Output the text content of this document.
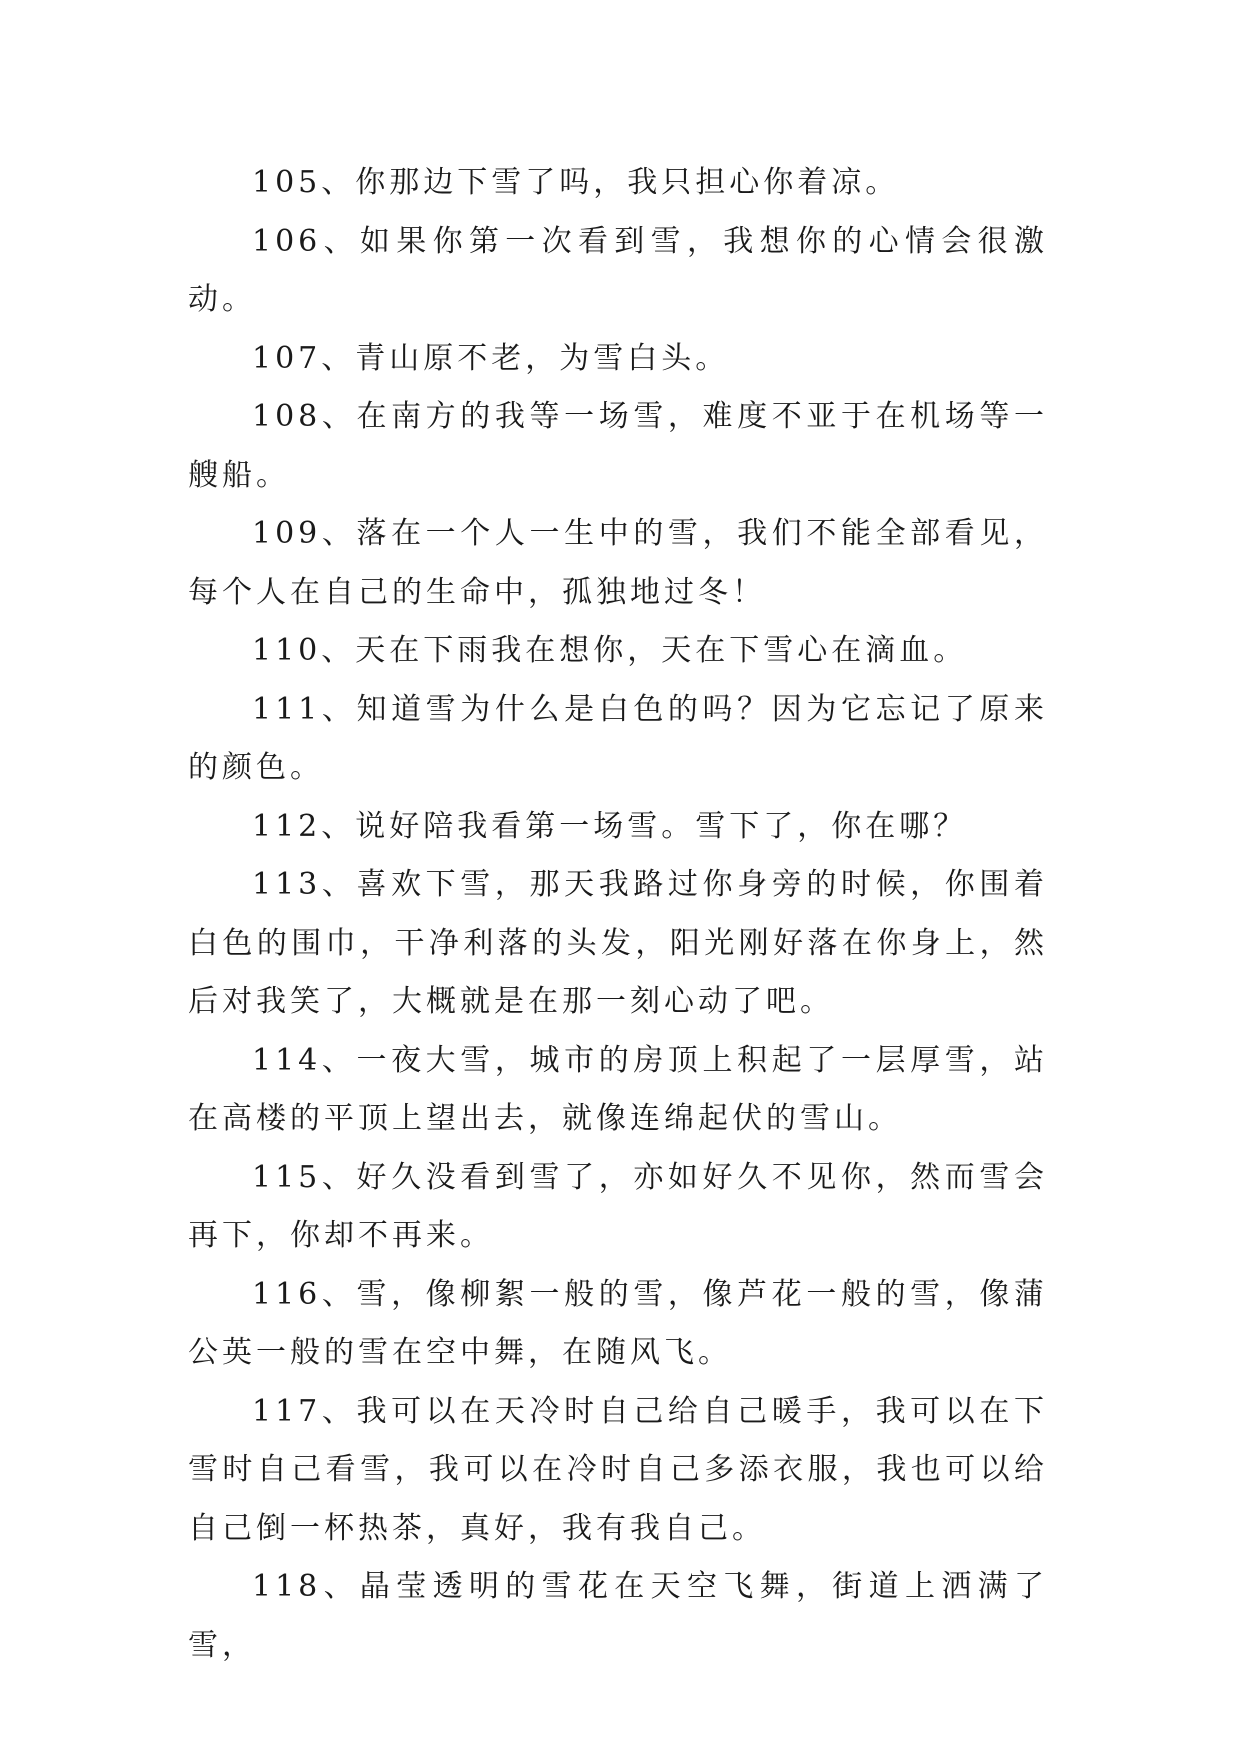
105、你那边下雪了吗，我只担心你着凉。

106、如果你第一次看到雪，我想你的心情会很激动。

107、青山原不老，为雪白头。

108、在南方的我等一场雪，难度不亚于在机场等一艘船。

109、落在一个人一生中的雪，我们不能全部看见，每个人在自己的生命中，孤独地过冬！

110、天在下雨我在想你，天在下雪心在滴血。

111、知道雪为什么是白色的吗？因为它忘记了原来的颜色。

112、说好陪我看第一场雪。雪下了，你在哪？

113、喜欢下雪，那天我路过你身旁的时候，你围着白色的围巾，干净利落的头发，阳光刚好落在你身上，然后对我笑了，大概就是在那一刻心动了吧。

114、一夜大雪，城市的房顶上积起了一层厚雪，站在高楼的平顶上望出去，就像连绵起伏的雪山。

115、好久没看到雪了，亦如好久不见你，然而雪会再下，你却不再来。

116、雪，像柳絮一般的雪，像芦花一般的雪，像蒲公英一般的雪在空中舞，在随风飞。

117、我可以在天冷时自己给自己暖手，我可以在下雪时自己看雪，我可以在冷时自己多添衣服，我也可以给自己倒一杯热茶，真好，我有我自己。

118、晶莹透明的雪花在天空飞舞，街道上洒满了雪，
